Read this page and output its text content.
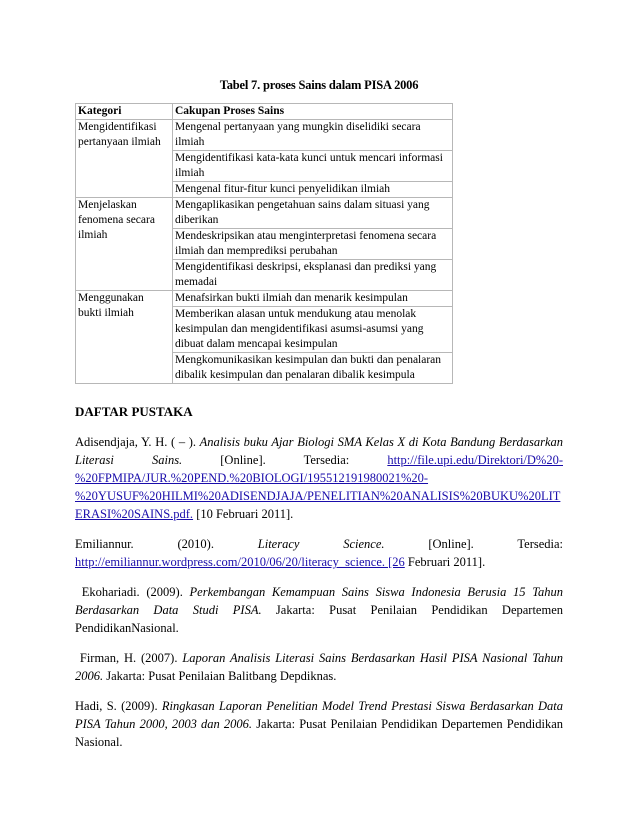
Tabel 7. proses Sains dalam PISA 2006
Kategori	Cakupan Proses Sains
Mengidentifikasi pertanyaan ilmiah	Mengenal pertanyaan yang mungkin diselidiki secara ilmiah
	Mengidentifikasi kata-kata kunci untuk mencari informasi ilmiah
	Mengenal fitur-fitur kunci penyelidikan ilmiah
Menjelaskan fenomena secara ilmiah	Mengaplikasikan pengetahuan sains dalam situasi yang diberikan
	Mendeskripsikan atau menginterpretasi fenomena secara ilmiah dan memprediksi perubahan
	Mengidentifikasi deskripsi, eksplanasi dan prediksi yang memadai
Menggunakan bukti ilmiah	Menafsirkan bukti ilmiah dan menarik kesimpulan
	Memberikan alasan untuk mendukung atau menolak kesimpulan dan mengidentifikasi asumsi-asumsi yang dibuat dalam mencapai kesimpulan
	Mengkomunikasikan kesimpulan dan bukti dan penalaran dibalik kesimpulan dan penalaran dibalik kesimpula
DAFTAR PUSTAKA
Adisendjaja, Y. H. ( – ). Analisis buku Ajar Biologi SMA Kelas X di Kota Bandung Berdasarkan
Literasi Sains.	[Online].	Tersedia:	http://file.upi.edu/Direktori/D%20-
%20FPMIPA/JUR.%20PEND.%20BIOLOGI/195512191980021%20-
%20YUSUF%20HILMI%20ADISENDJAJA/PENELITIAN%20ANALISIS%20BUKU%20LIT
ERASI%20SAINS.pdf. [10 Februari 2011].
Emiliannur.	(2010).	Literacy Science.	[Online].	Tersedia:
http://emiliannur.wordpress.com/2010/06/20/literacy_science. [26 Februari 2011].
Ekohariadi. (2009). Perkembangan Kemampuan Sains Siswa Indonesia Berusia 15 Tahun Berdasarkan Data Studi PISA. Jakarta: Pusat Penilaian Pendidikan Departemen PendidikanNasional.
Firman, H. (2007). Laporan Analisis Literasi Sains Berdasarkan Hasil PISA Nasional Tahun 2006. Jakarta: Pusat Penilaian Balitbang Depdiknas.
Hadi, S. (2009). Ringkasan Laporan Penelitian Model Trend Prestasi Siswa Berdasarkan Data PISA Tahun 2000, 2003 dan 2006. Jakarta: Pusat Penilaian Pendidikan Departemen Pendidikan Nasional.
